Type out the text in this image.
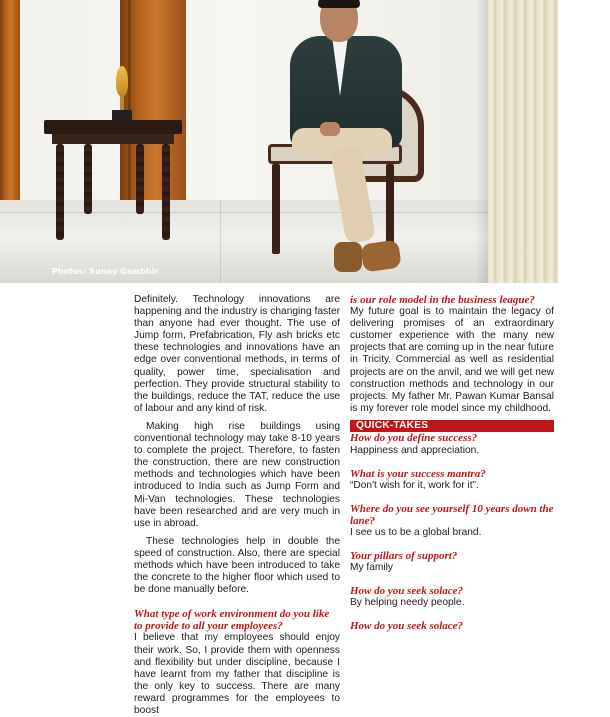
Photos: Sunny Gambhir

Definitely. Technology innovations are happening and the industry is changing faster than anyone had ever thought. The use of Jump form, Prefabrication, Fly ash bricks etc these technologies and innovations have an edge over conventional methods, in terms of quality, power time, specialisation and perfection. They provide structural stability to the buildings, reduce the TAT, reduce the use of labour and any kind of risk.

Making high rise buildings using conventional technology may take 8-10 years to complete the project. Therefore, to fasten the construction, there are new construction methods and technologies which have been introduced to India such as Jump Form and Mi-Van technologies. These technologies have been researched and are very much in use in abroad.

These technologies help in double the speed of construction. Also, there are special methods which have been introduced to take the concrete to the higher floor which used to be done manually before.

What type of work environment do you like to provide to all your employees?

I believe that my employees should enjoy their work. So, I provide them with openness and flexibility but under discipline, because I have learnt from my father that discipline is the only key to success. There are many reward programmes for the employees to boost

is our role model in the business league?

My future goal is to maintain the legacy of delivering promises of an extraordinary customer experience with the many new projects that are coming up in the near future in Tricity. Commercial as well as residential projects are on the anvil, and we will get new construction methods and technology in our projects. My father Mr. Pawan Kumar Bansal is my forever role model since my childhood.

QUICK-TAKES

How do you define success?

Happiness and appreciation.

What is your success mantra?

“Don't wish for it, work for it”.

Where do you see yourself 10 years down the lane?

I see us to be a global brand.

Your pillars of support?

My family

How do you seek solace?

By helping needy people.

How do you seek solace?
